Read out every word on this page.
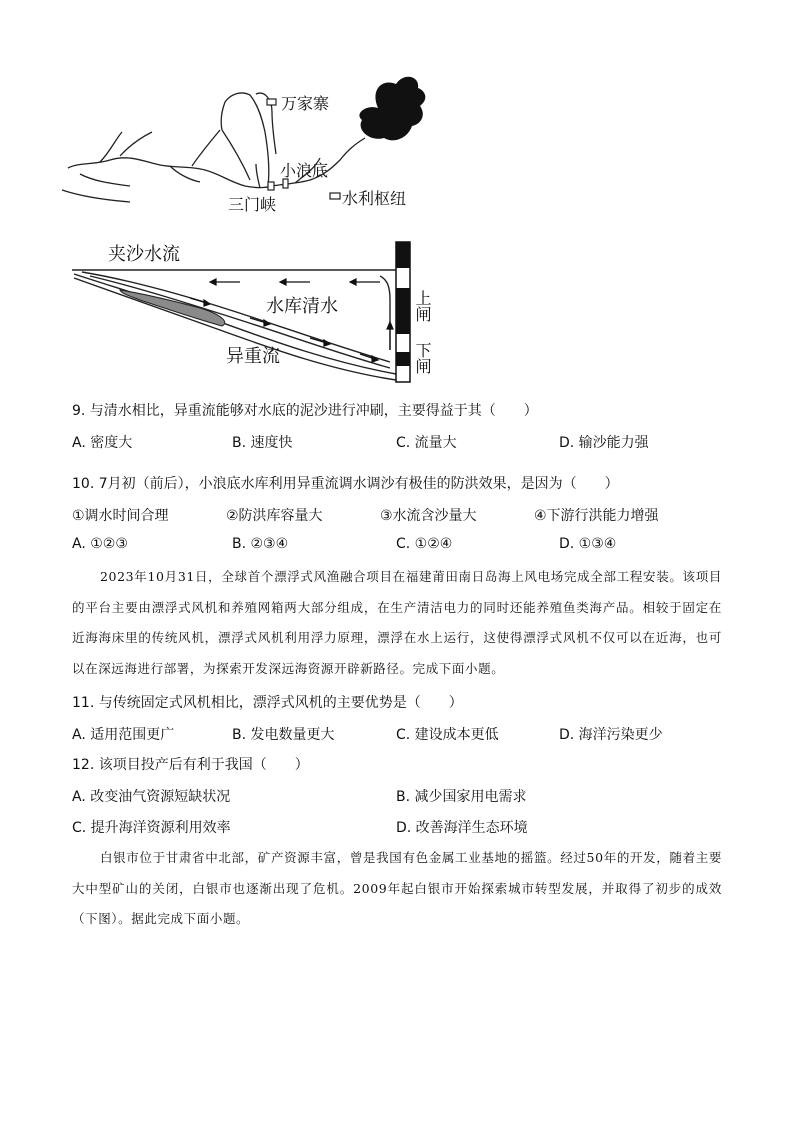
万家寨
小浪底
三门峡	水利枢纽
夹沙水流
水库清水
异重流
上闸
下闸
9. 与清水相比，异重流能够对水底的泥沙进行冲刷，主要得益于其（　　）
A. 密度大	B. 速度快	C. 流量大	D. 输沙能力强
10. 7月初（前后），小浪底水库利用异重流调水调沙有极佳的防洪效果，是因为（　　）
①调水时间合理	②防洪库容量大	③水流含沙量大	④下游行洪能力增强
A. ①②③	B. ②③④	C. ①②④	D. ①③④

2023年10月31日，全球首个漂浮式风渔融合项目在福建莆田南日岛海上风电场完成全部工程安装。该项目的平台主要由漂浮式风机和养殖网箱两大部分组成，在生产清洁电力的同时还能养殖鱼类海产品。相较于固定在近海海床里的传统风机，漂浮式风机利用浮力原理，漂浮在水上运行，这使得漂浮式风机不仅可以在近海，也可以在深远海进行部署，为探索开发深远海资源开辟新路径。完成下面小题。

11. 与传统固定式风机相比，漂浮式风机的主要优势是（　　）
A. 适用范围更广	B. 发电数量更大	C. 建设成本更低	D. 海洋污染更少
12. 该项目投产后有利于我国（　　）
A. 改变油气资源短缺状况	B. 减少国家用电需求
C. 提升海洋资源利用效率	D. 改善海洋生态环境

白银市位于甘肃省中北部，矿产资源丰富，曾是我国有色金属工业基地的摇篮。经过50年的开发，随着主要大中型矿山的关闭，白银市也逐渐出现了危机。2009年起白银市开始探索城市转型发展，并取得了初步的成效（下图）。据此完成下面小题。
